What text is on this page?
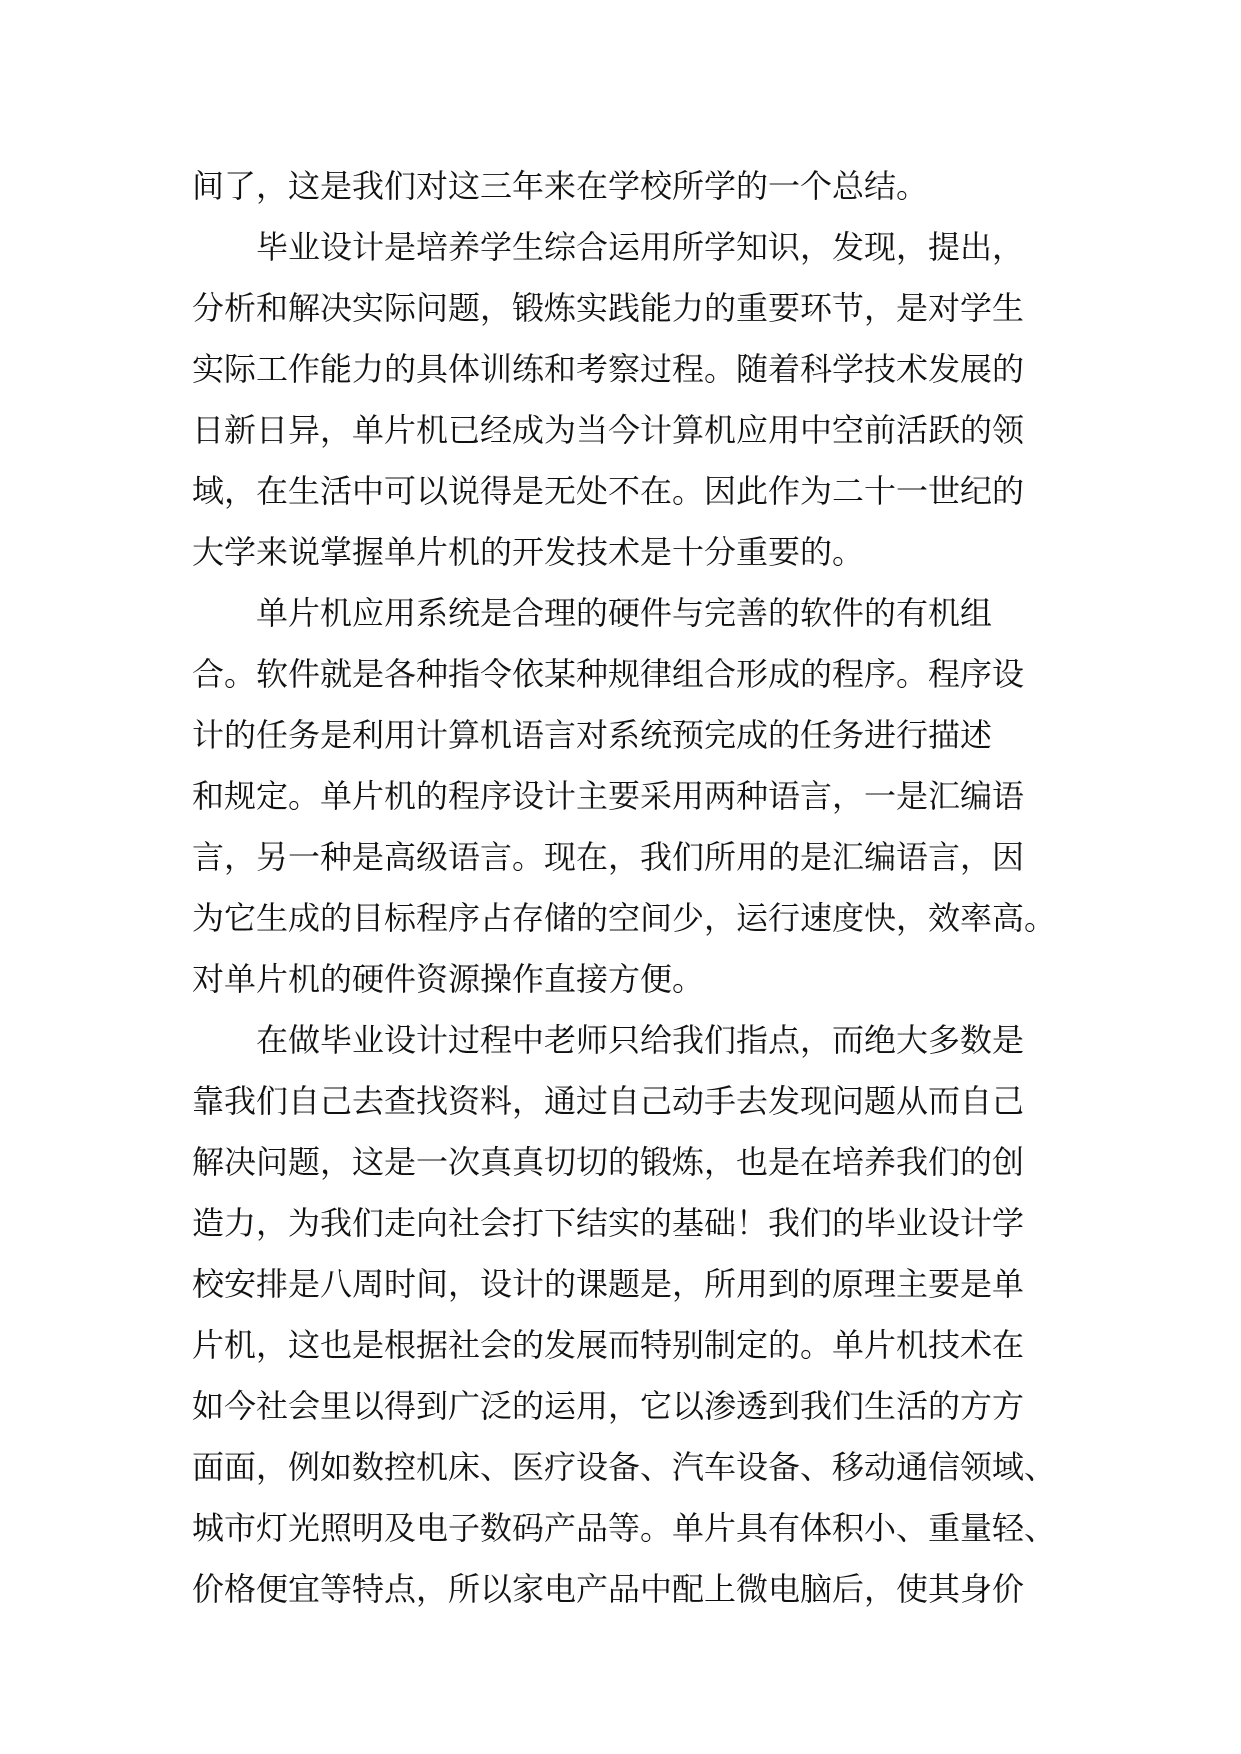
间了，这是我们对这三年来在学校所学的一个总结。
毕业设计是培养学生综合运用所学知识，发现，提出，
分析和解决实际问题，锻炼实践能力的重要环节，是对学生
实际工作能力的具体训练和考察过程。随着科学技术发展的
日新日异，单片机已经成为当今计算机应用中空前活跃的领
域，在生活中可以说得是无处不在。因此作为二十一世纪的
大学来说掌握单片机的开发技术是十分重要的。
单片机应用系统是合理的硬件与完善的软件的有机组
合。软件就是各种指令依某种规律组合形成的程序。程序设
计的任务是利用计算机语言对系统预完成的任务进行描述
和规定。单片机的程序设计主要采用两种语言，一是汇编语
言，另一种是高级语言。现在，我们所用的是汇编语言，因
为它生成的目标程序占存储的空间少，运行速度快，效率高。
对单片机的硬件资源操作直接方便。
在做毕业设计过程中老师只给我们指点，而绝大多数是
靠我们自己去查找资料，通过自己动手去发现问题从而自己
解决问题，这是一次真真切切的锻炼，也是在培养我们的创
造力，为我们走向社会打下结实的基础！我们的毕业设计学
校安排是八周时间，设计的课题是，所用到的原理主要是单
片机，这也是根据社会的发展而特别制定的。单片机技术在
如今社会里以得到广泛的运用，它以渗透到我们生活的方方
面面，例如数控机床、医疗设备、汽车设备、移动通信领域、
城市灯光照明及电子数码产品等。单片具有体积小、重量轻、
价格便宜等特点，所以家电产品中配上微电脑后，使其身价
